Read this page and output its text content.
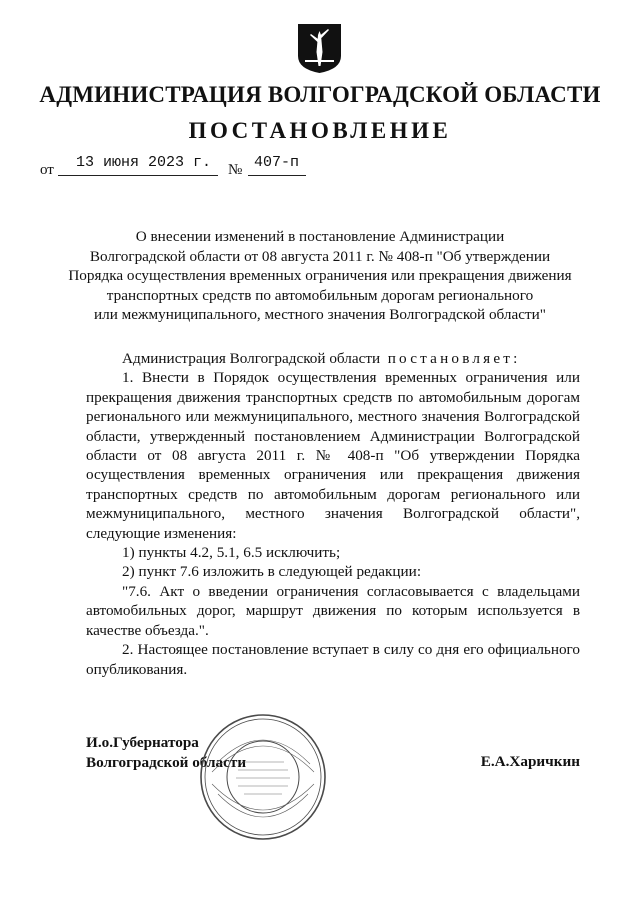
АДМИНИСТРАЦИЯ ВОЛГОГРАДСКОЙ ОБЛАСТИ
ПОСТАНОВЛЕНИЕ
от	13 июня 2023 г.	№ 407-п
О внесении изменений в постановление Администрации
Волгоградской области от 08 августа 2011 г. № 408-п "Об утверждении
Порядка осуществления временных ограничения или прекращения движения
транспортных средств по автомобильным дорогам регионального
или межмуниципального, местного значения Волгоградской области"

Администрация Волгоградской области постановляет:

1. Внести в Порядок осуществления временных ограничения или прекращения движения транспортных средств по автомобильным дорогам регионального или межмуниципального, местного значения Волгоградской области, утвержденный постановлением Администрации Волгоградской области от 08 августа 2011 г. № 408-п "Об утверждении Порядка осуществления временных ограничения или прекращения движения транспортных средств по автомобильным дорогам регионального или межмуниципального, местного значения Волгоградской области", следующие изменения:

1) пункты 4.2, 5.1, 6.5 исключить;

2) пункт 7.6 изложить в следующей редакции:

"7.6. Акт о введении ограничения согласовывается с владельцами автомобильных дорог, маршрут движения по которым используется в качестве объезда.".

2. Настоящее постановление вступает в силу со дня его официального опубликования.

И.о.Губернатора
Волгоградской области	Е.А.Харичкин
